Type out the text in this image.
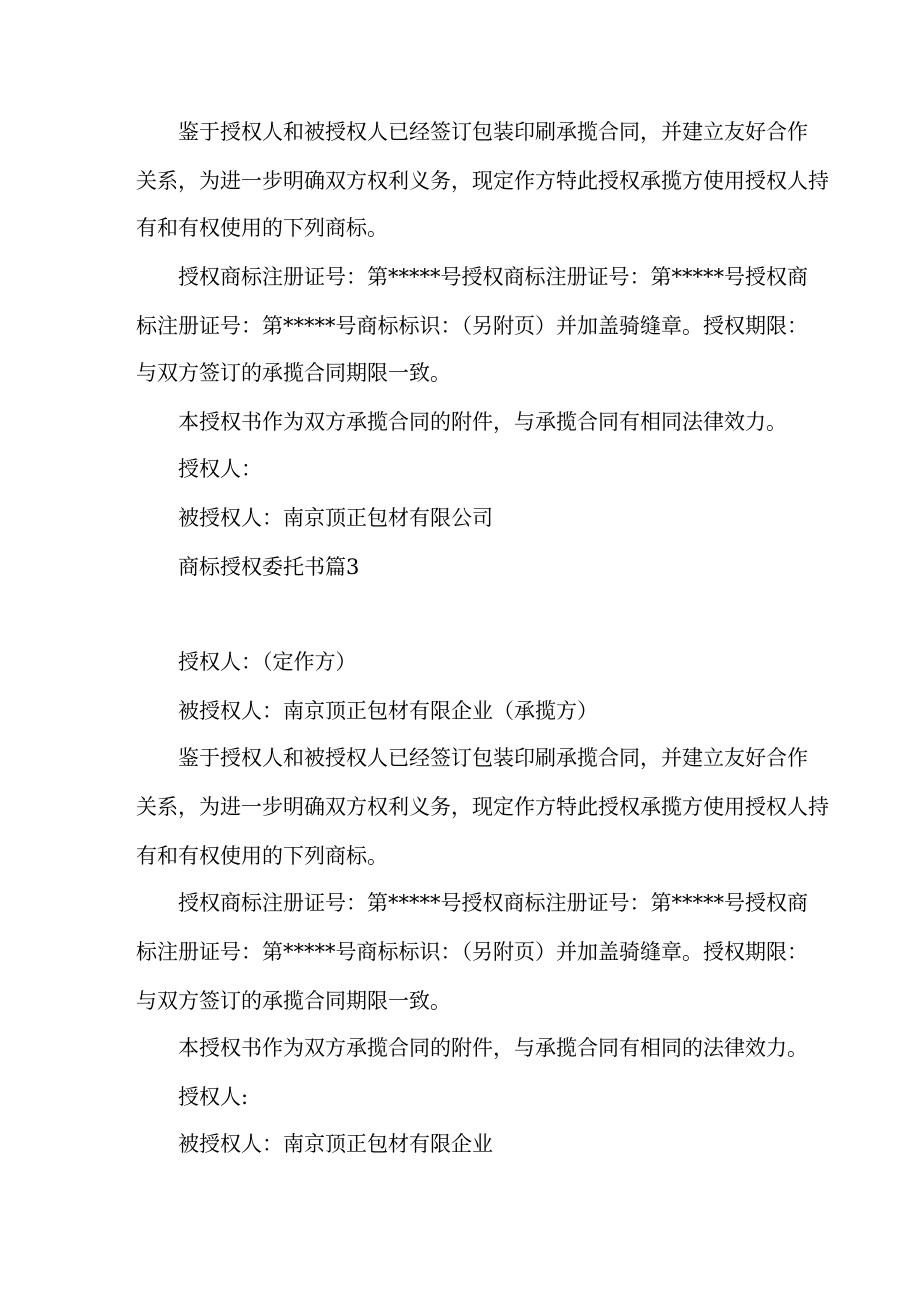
鉴于授权人和被授权人已经签订包装印刷承揽合同，并建立友好合作

关系，为进一步明确双方权利义务，现定作方特此授权承揽方使用授权人持

有和有权使用的下列商标。

授权商标注册证号：第*****号授权商标注册证号：第*****号授权商

标注册证号：第*****号商标标识：（另附页）并加盖骑缝章。授权期限：

与双方签订的承揽合同期限一致。

本授权书作为双方承揽合同的附件，与承揽合同有相同法律效力。

授权人：

被授权人：南京顶正包材有限公司

商标授权委托书篇3

授权人：（定作方）

被授权人：南京顶正包材有限企业（承揽方）

鉴于授权人和被授权人已经签订包装印刷承揽合同，并建立友好合作

关系，为进一步明确双方权利义务，现定作方特此授权承揽方使用授权人持

有和有权使用的下列商标。

授权商标注册证号：第*****号授权商标注册证号：第*****号授权商

标注册证号：第*****号商标标识：（另附页）并加盖骑缝章。授权期限：

与双方签订的承揽合同期限一致。

本授权书作为双方承揽合同的附件，与承揽合同有相同的法律效力。

授权人:

被授权人：南京顶正包材有限企业
